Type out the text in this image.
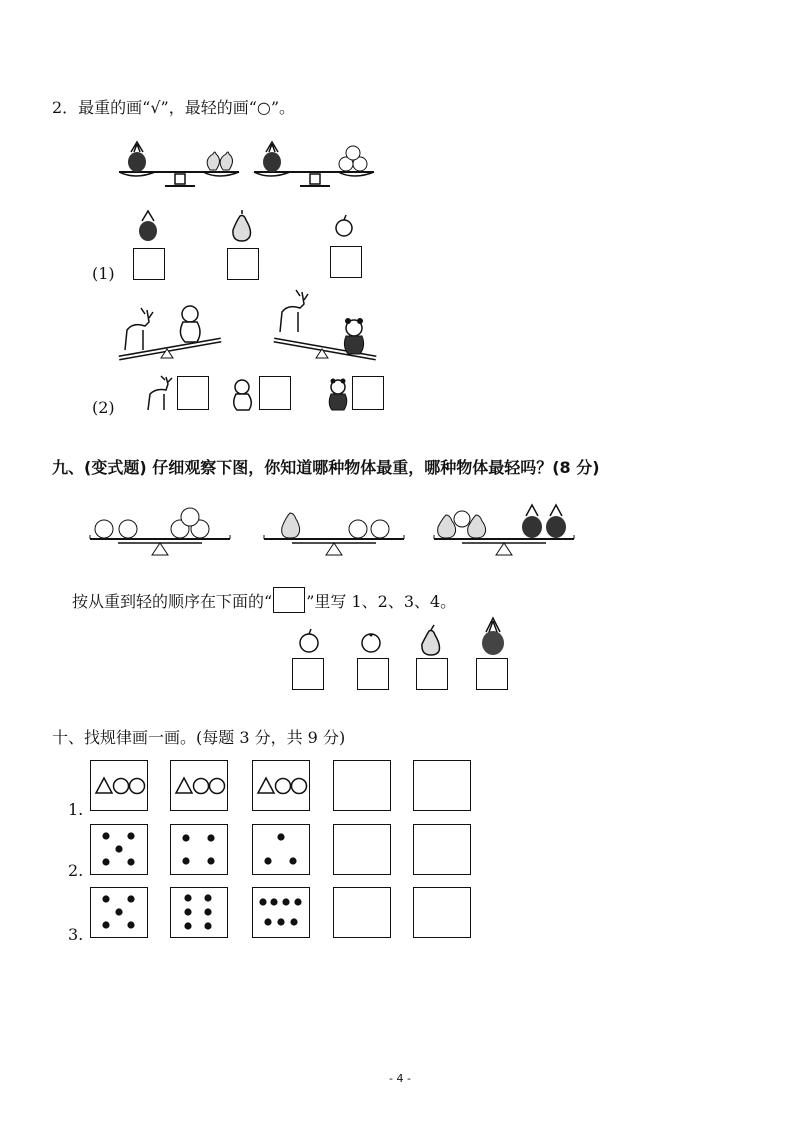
2．最重的画“√”，最轻的画“○”。
(1)
(2)
九、(变式题) 仔细观察下图，你知道哪种物体最重，哪种物体最轻吗？(8 分)
按从重到轻的顺序在下面的“ ”里写 1、2、3、4。
十、找规律画一画。(每题 3 分，共 9 分)
1.
2.
3.
- 4 -
